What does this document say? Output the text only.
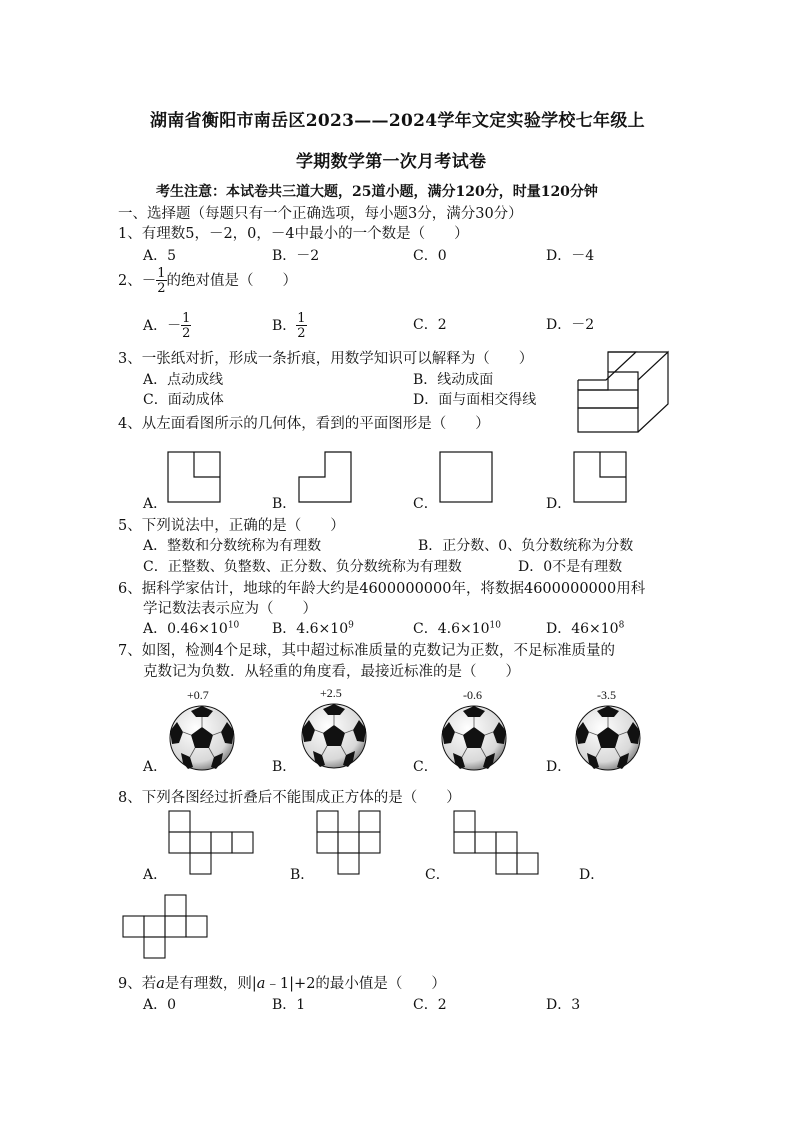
湖南省衡阳市南岳区2023——2024学年文定实验学校七年级上
学期数学第一次月考试卷
考生注意：本试卷共三道大题，25道小题，满分120分，时量120分钟
一、选择题（每题只有一个正确选项，每小题3分，满分30分）
1、有理数5，－2，0，－4中最小的一个数是（　　）
A．5	B．－2	C．0	D．－4
2、－ $\frac{1}{2}$ 的绝对值是（　　）
A．－ $\frac{1}{2}$	B． $\frac{1}{2}$	C．2	D．－2
3、一张纸对折，形成一条折痕，用数学知识可以解释为（　　）
A．点动成线	B．线动成面
C．面动成体	D．面与面相交得线
4、从左面看图所示的几何体，看到的平面图形是（　　）
A．	B．	C．	D．
5、下列说法中，正确的是（　　）
A．整数和分数统称为有理数	B．正分数、0、负分数统称为分数
C．正整数、负整数、正分数、负分数统称为有理数	D．0不是有理数
6、据科学家估计，地球的年龄大约是4600000000年，将数据4600000000用科
学记数法表示应为（　　）
A．$0.46\times 10^{10}$ B．$4.6\times 10^9$	C．$4.6\times 10^{10}$	D．$46\times 10^8$
7、如图，检测4个足球，其中超过标准质量的克数记为正数，不足标准质量的
克数记为负数．从轻重的角度看，最接近标准的是（　　）
+0.7	+2.5	-0.6	-3.5
A．	B．	C．	D．
8、下列各图经过折叠后不能围成正方体的是（　　）
A．	B．	C．	D．
9、若a是有理数，则|a﹣1|+2的最小值是（　　）
A．0	B．1	C．2	D．3
